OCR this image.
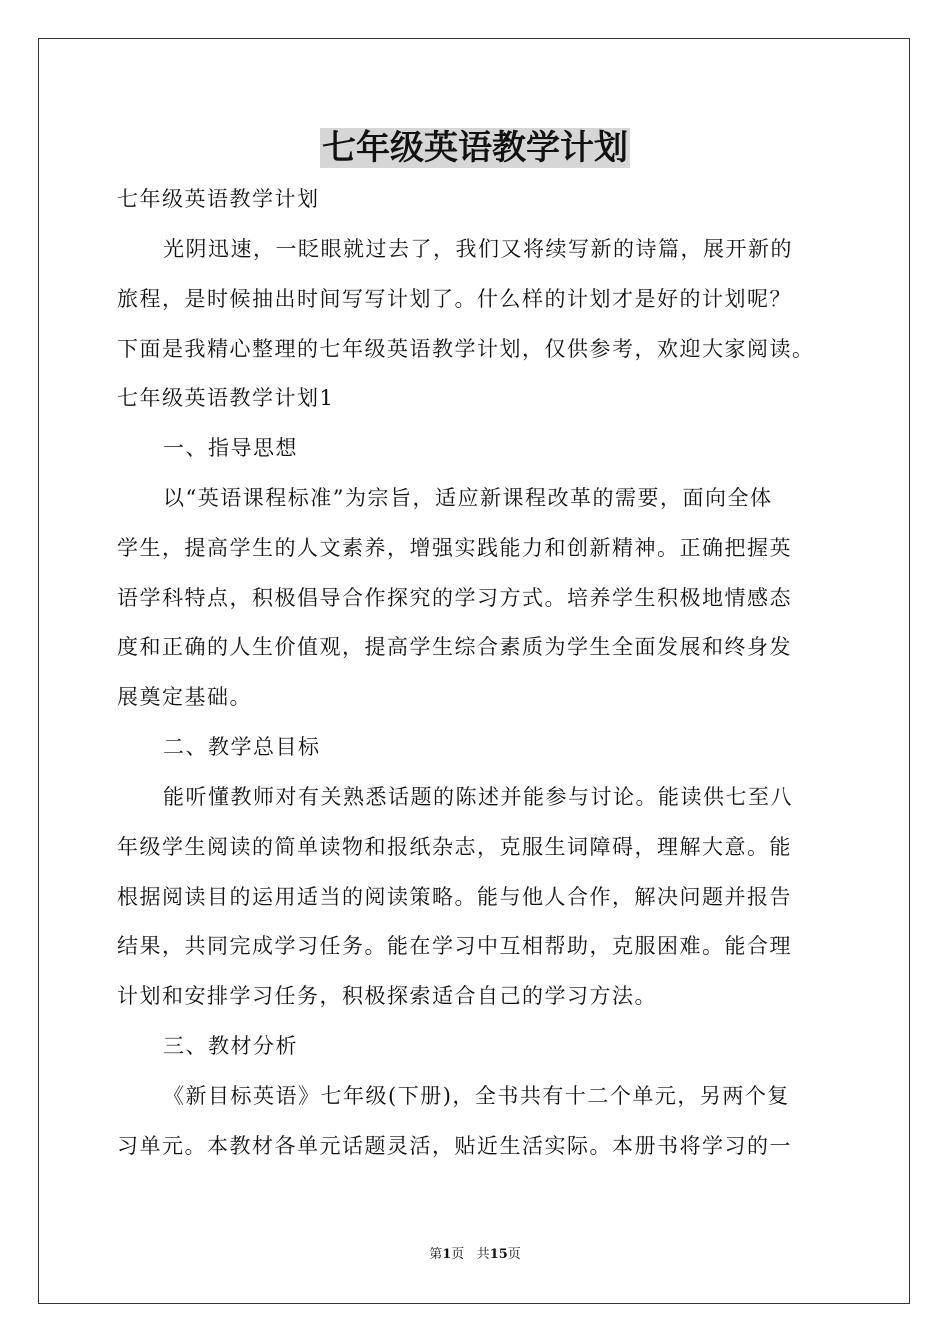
七年级英语教学计划
七年级英语教学计划
光阴迅速，一眨眼就过去了，我们又将续写新的诗篇，展开新的
旅程，是时候抽出时间写写计划了。什么样的计划才是好的计划呢？
下面是我精心整理的七年级英语教学计划，仅供参考，欢迎大家阅读。
七年级英语教学计划1
一、指导思想
以“英语课程标准”为宗旨，适应新课程改革的需要，面向全体
学生，提高学生的人文素养，增强实践能力和创新精神。正确把握英
语学科特点，积极倡导合作探究的学习方式。培养学生积极地情感态
度和正确的人生价值观，提高学生综合素质为学生全面发展和终身发
展奠定基础。
二、教学总目标
能听懂教师对有关熟悉话题的陈述并能参与讨论。能读供七至八
年级学生阅读的简单读物和报纸杂志，克服生词障碍，理解大意。能
根据阅读目的运用适当的阅读策略。能与他人合作，解决问题并报告
结果，共同完成学习任务。能在学习中互相帮助，克服困难。能合理
计划和安排学习任务，积极探索适合自己的学习方法。
三、教材分析
《新目标英语》七年级(下册)，全书共有十二个单元，另两个复
习单元。本教材各单元话题灵活，贴近生活实际。本册书将学习的一
第1页 共15页
